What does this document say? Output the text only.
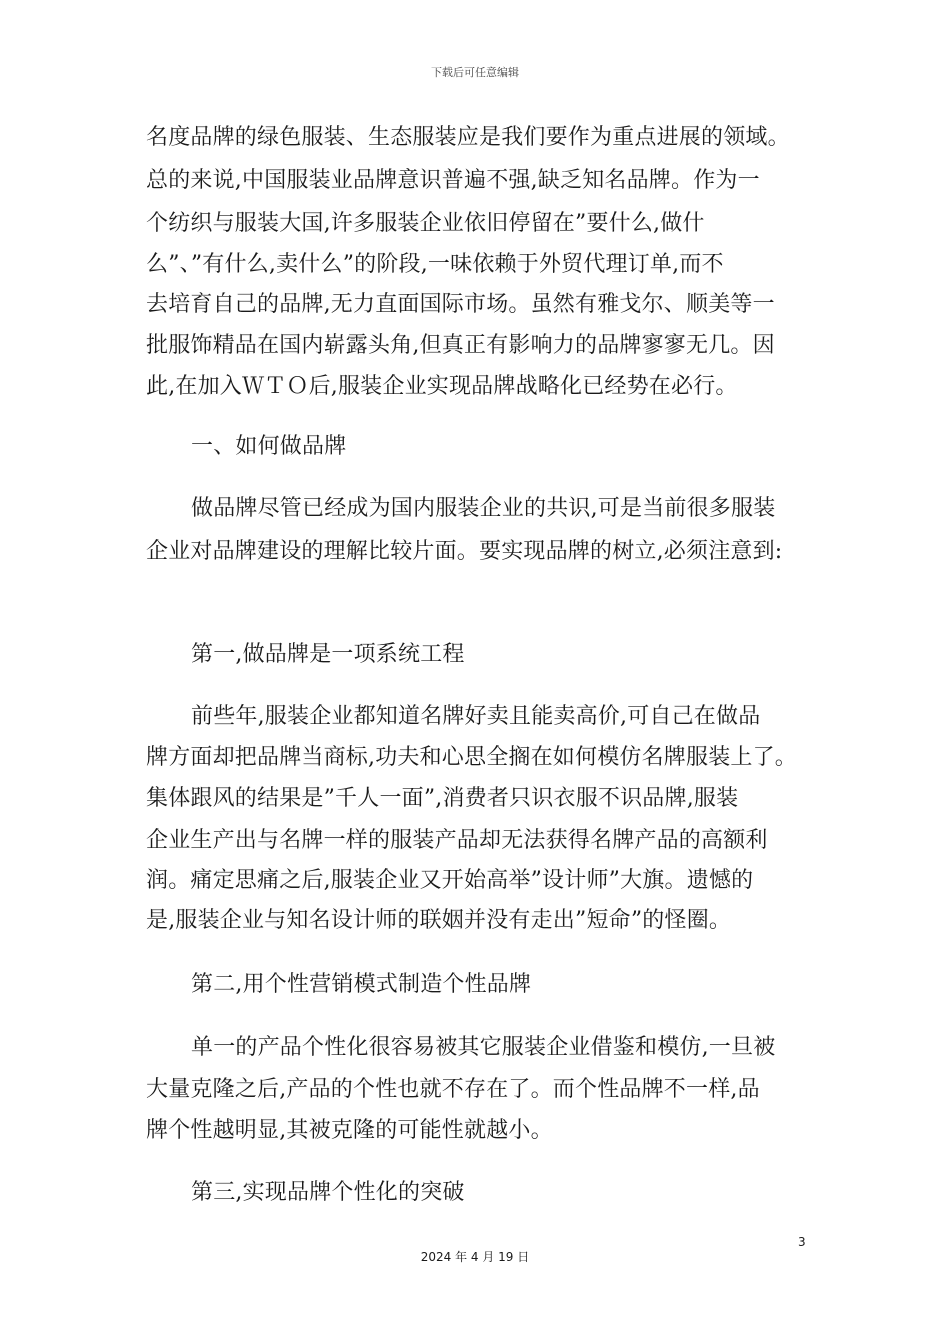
下载后可任意编辑
名度品牌的绿色服装、生态服装应是我们要作为重点进展的领域。
总的来说,中国服装业品牌意识普遍不强,缺乏知名品牌。作为一
个纺织与服装大国,许多服装企业依旧停留在”要什么,做什
么”、”有什么,卖什么”的阶段,一味依赖于外贸代理订单,而不
去培育自己的品牌,无力直面国际市场。虽然有雅戈尔、顺美等一
批服饰精品在国内崭露头角,但真正有影响力的品牌寥寥无几。因
此,在加入ＷＴＯ后,服装企业实现品牌战略化已经势在必行。
一、如何做品牌
做品牌尽管已经成为国内服装企业的共识,可是当前很多服装
企业对品牌建设的理解比较片面。要实现品牌的树立,必须注意到:
第一,做品牌是一项系统工程
前些年,服装企业都知道名牌好卖且能卖高价,可自己在做品
牌方面却把品牌当商标,功夫和心思全搁在如何模仿名牌服装上了。
集体跟风的结果是”千人一面”,消费者只识衣服不识品牌,服装
企业生产出与名牌一样的服装产品却无法获得名牌产品的高额利
润。痛定思痛之后,服装企业又开始高举”设计师”大旗。遗憾的
是,服装企业与知名设计师的联姻并没有走出”短命”的怪圈。
第二,用个性营销模式制造个性品牌
单一的产品个性化很容易被其它服装企业借鉴和模仿,一旦被
大量克隆之后,产品的个性也就不存在了。而个性品牌不一样,品
牌个性越明显,其被克隆的可能性就越小。
第三,实现品牌个性化的突破
3
2024 年 4 月 19 日
